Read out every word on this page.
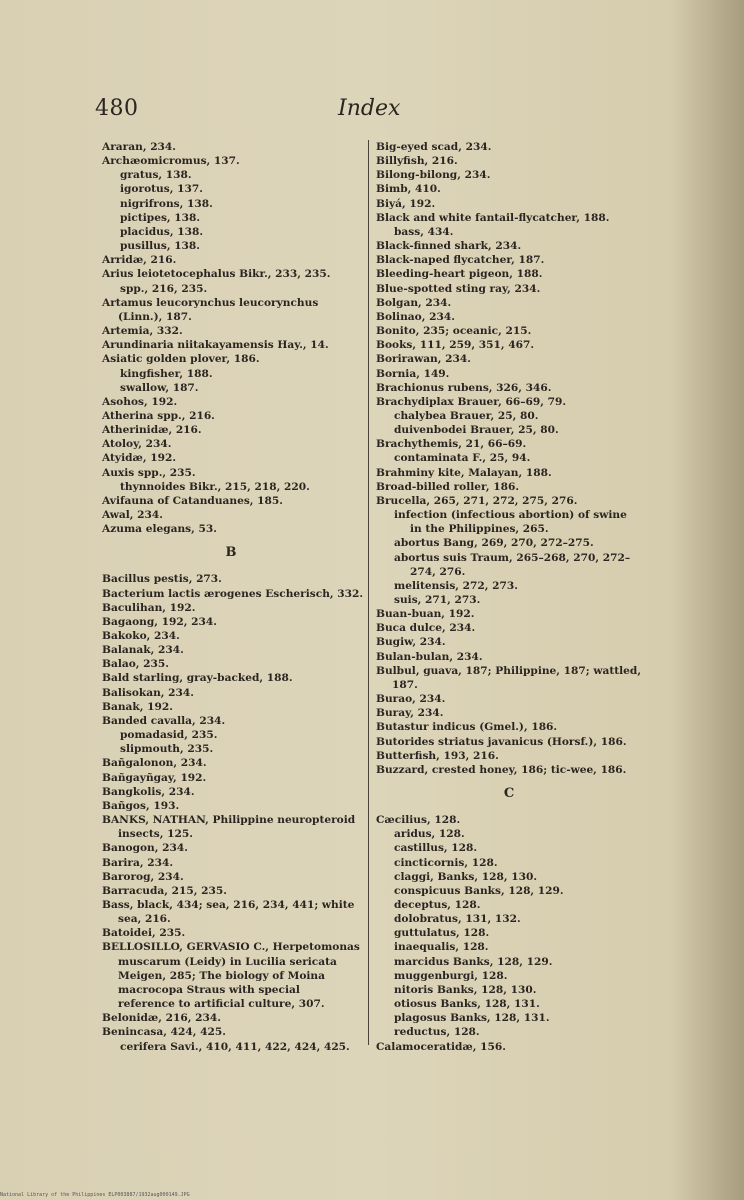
480	Index
Araran, 234.
Archæomicromus, 137.
gratus, 138.
igorotus, 137.
nigrifrons, 138.
pictipes, 138.
placidus, 138.
pusillus, 138.
Arridæ, 216.
Arius leiotetocephalus Bikr., 233, 235.
spp., 216, 235.
Artamus leucorynchus leucorynchus (Linn.), 187.
Artemia, 332.
Arundinaria niitakayamensis Hay., 14.
Asiatic golden plover, 186.
kingfisher, 188.
swallow, 187.
Asohos, 192.
Atherina spp., 216.
Atherinidæ, 216.
Atoloy, 234.
Atyidæ, 192.
Auxis spp., 235.
thynnoides Bikr., 215, 218, 220.
Avifauna of Catanduanes, 185.
Awal, 234.
Azuma elegans, 53.
B
Bacillus pestis, 273.
Bacterium lactis ærogenes Escherisch, 332.
Baculihan, 192.
Bagaong, 192, 234.
Bakoko, 234.
Balanak, 234.
Balao, 235.
Bald starling, gray-backed, 188.
Balisokan, 234.
Banak, 192.
Banded cavalla, 234.
pomadasid, 235.
slipmouth, 235.
Bañgalonon, 234.
Bañgayñgay, 192.
Bangkolis, 234.
Bañgos, 193.
BANKS, NATHAN, Philippine neuropteroid insects, 125.
Banogon, 234.
Barira, 234.
Barorog, 234.
Barracuda, 215, 235.
Bass, black, 434; sea, 216, 234, 441; white sea, 216.
Batoidei, 235.
BELLOSILLO, GERVASIO C., Herpetomonas muscarum (Leidy) in Lucilia sericata Meigen, 285; The biology of Moina macrocopa Straus with special reference to artificial culture, 307.
Belonidæ, 216, 234.
Benincasa, 424, 425.
cerifera Savi., 410, 411, 422, 424, 425.
Big-eyed scad, 234.
Billyfish, 216.
Bilong-bilong, 234.
Bimb, 410.
Biyá, 192.
Black and white fantail-flycatcher, 188.
bass, 434.
Black-finned shark, 234.
Black-naped flycatcher, 187.
Bleeding-heart pigeon, 188.
Blue-spotted sting ray, 234.
Bolgan, 234.
Bolinao, 234.
Bonito, 235; oceanic, 215.
Books, 111, 259, 351, 467.
Borirawan, 234.
Bornia, 149.
Brachionus rubens, 326, 346.
Brachydiplax Brauer, 66–69, 79.
chalybea Brauer, 25, 80.
duivenbodei Brauer, 25, 80.
Brachythemis, 21, 66–69.
contaminata F., 25, 94.
Brahminy kite, Malayan, 188.
Broad-billed roller, 186.
Brucella, 265, 271, 272, 275, 276.
infection (infectious abortion) of swine in the Philippines, 265.
abortus Bang, 269, 270, 272–275.
abortus suis Traum, 265–268, 270, 272–274, 276.
melitensis, 272, 273.
suis, 271, 273.
Buan-buan, 192.
Buca dulce, 234.
Bugiw, 234.
Bulan-bulan, 234.
Bulbul, guava, 187; Philippine, 187; wattled, 187.
Burao, 234.
Buray, 234.
Butastur indicus (Gmel.), 186.
Butorides striatus javanicus (Horsf.), 186.
Butterfish, 193, 216.
Buzzard, crested honey, 186; tic-wee, 186.
C
Cæcilius, 128.
aridus, 128.
castillus, 128.
cincticornis, 128.
claggi, Banks, 128, 130.
conspicuus Banks, 128, 129.
deceptus, 128.
dolobratus, 131, 132.
guttulatus, 128.
inaequalis, 128.
marcidus Banks, 128, 129.
muggenburgi, 128.
nitoris Banks, 128, 130.
otiosus Banks, 128, 131.
plagosus Banks, 128, 131.
reductus, 128.
Calamoceratidæ, 156.
National Library of the Philippines ELP003887/1932aug000149.JPG
